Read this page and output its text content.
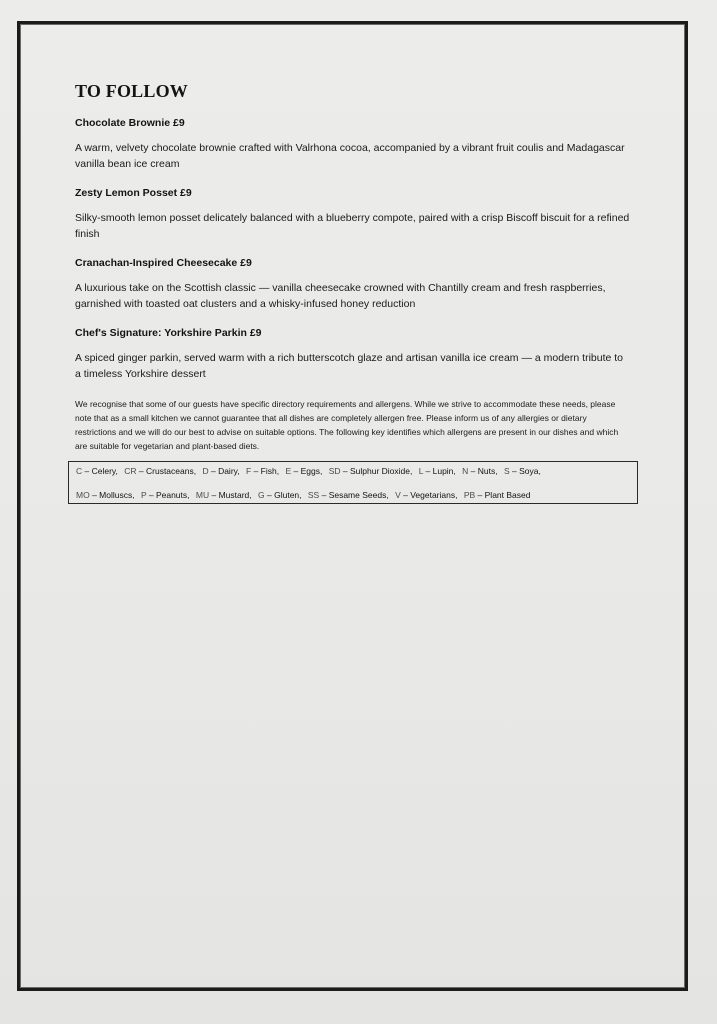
TO FOLLOW

Chocolate Brownie £9

A warm, velvety chocolate brownie crafted with Valrhona cocoa, accompanied by a vibrant fruit coulis and Madagascar vanilla bean ice cream

Zesty Lemon Posset £9

Silky-smooth lemon posset delicately balanced with a blueberry compote, paired with a crisp Biscoff biscuit for a refined finish

Cranachan-Inspired Cheesecake £9

A luxurious take on the Scottish classic — vanilla cheesecake crowned with Chantilly cream and fresh raspberries, garnished with toasted oat clusters and a whisky-infused honey reduction

Chef's Signature: Yorkshire Parkin £9

A spiced ginger parkin, served warm with a rich butterscotch glaze and artisan vanilla ice cream — a modern tribute to a timeless Yorkshire dessert

We recognise that some of our guests have specific directory requirements and allergens. While we strive to accommodate these needs, please note that as a small kitchen we cannot guarantee that all dishes are completely allergen free. Please inform us of any allergies or dietary restrictions and we will do our best to advise on suitable options. The following key identifies which allergens are present in our dishes and which are suitable for vegetarian and plant-based diets.

C – Celery, CR – Crustaceans, D – Dairy, F – Fish, E – Eggs, SD – Sulphur Dioxide, L – Lupin, N – Nuts, S – Soya,

MO – Molluscs, P – Peanuts, MU – Mustard, G – Gluten, SS – Sesame Seeds, V – Vegetarians, PB – Plant Based
